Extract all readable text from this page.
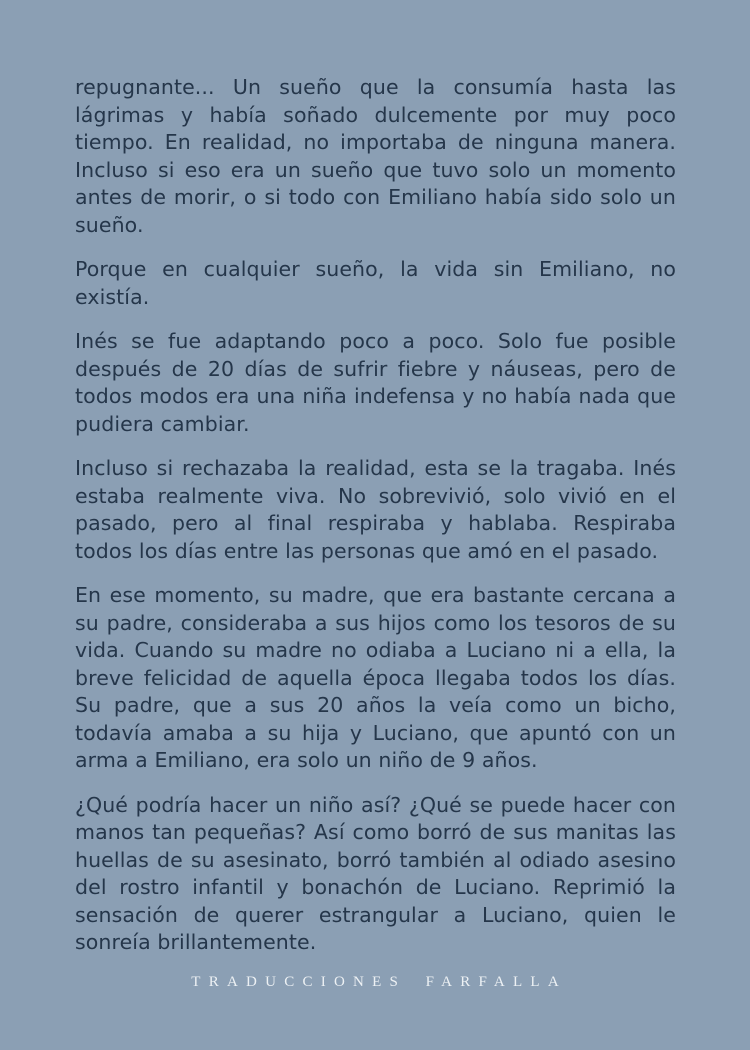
repugnante... Un sueño que la consumía hasta las lágrimas y había soñado dulcemente por muy poco tiempo. En realidad, no importaba de ninguna manera. Incluso si eso era un sueño que tuvo solo un momento antes de morir, o si todo con Emiliano había sido solo un sueño.

Porque en cualquier sueño, la vida sin Emiliano, no existía.

Inés se fue adaptando poco a poco. Solo fue posible después de 20 días de sufrir fiebre y náuseas, pero de todos modos era una niña indefensa y no había nada que pudiera cambiar.

Incluso si rechazaba la realidad, esta se la tragaba. Inés estaba realmente viva. No sobrevivió, solo vivió en el pasado, pero al final respiraba y hablaba. Respiraba todos los días entre las personas que amó en el pasado.

En ese momento, su madre, que era bastante cercana a su padre, consideraba a sus hijos como los tesoros de su vida. Cuando su madre no odiaba a Luciano ni a ella, la breve felicidad de aquella época llegaba todos los días. Su padre, que a sus 20 años la veía como un bicho, todavía amaba a su hija y Luciano, que apuntó con un arma a Emiliano, era solo un niño de 9 años.

¿Qué podría hacer un niño así? ¿Qué se puede hacer con manos tan pequeñas? Así como borró de sus manitas las huellas de su asesinato, borró también al odiado asesino del rostro infantil y bonachón de Luciano. Reprimió la sensación de querer estrangular a Luciano, quien le sonreía brillantemente.

TRADUCCIONES FARFALLA
